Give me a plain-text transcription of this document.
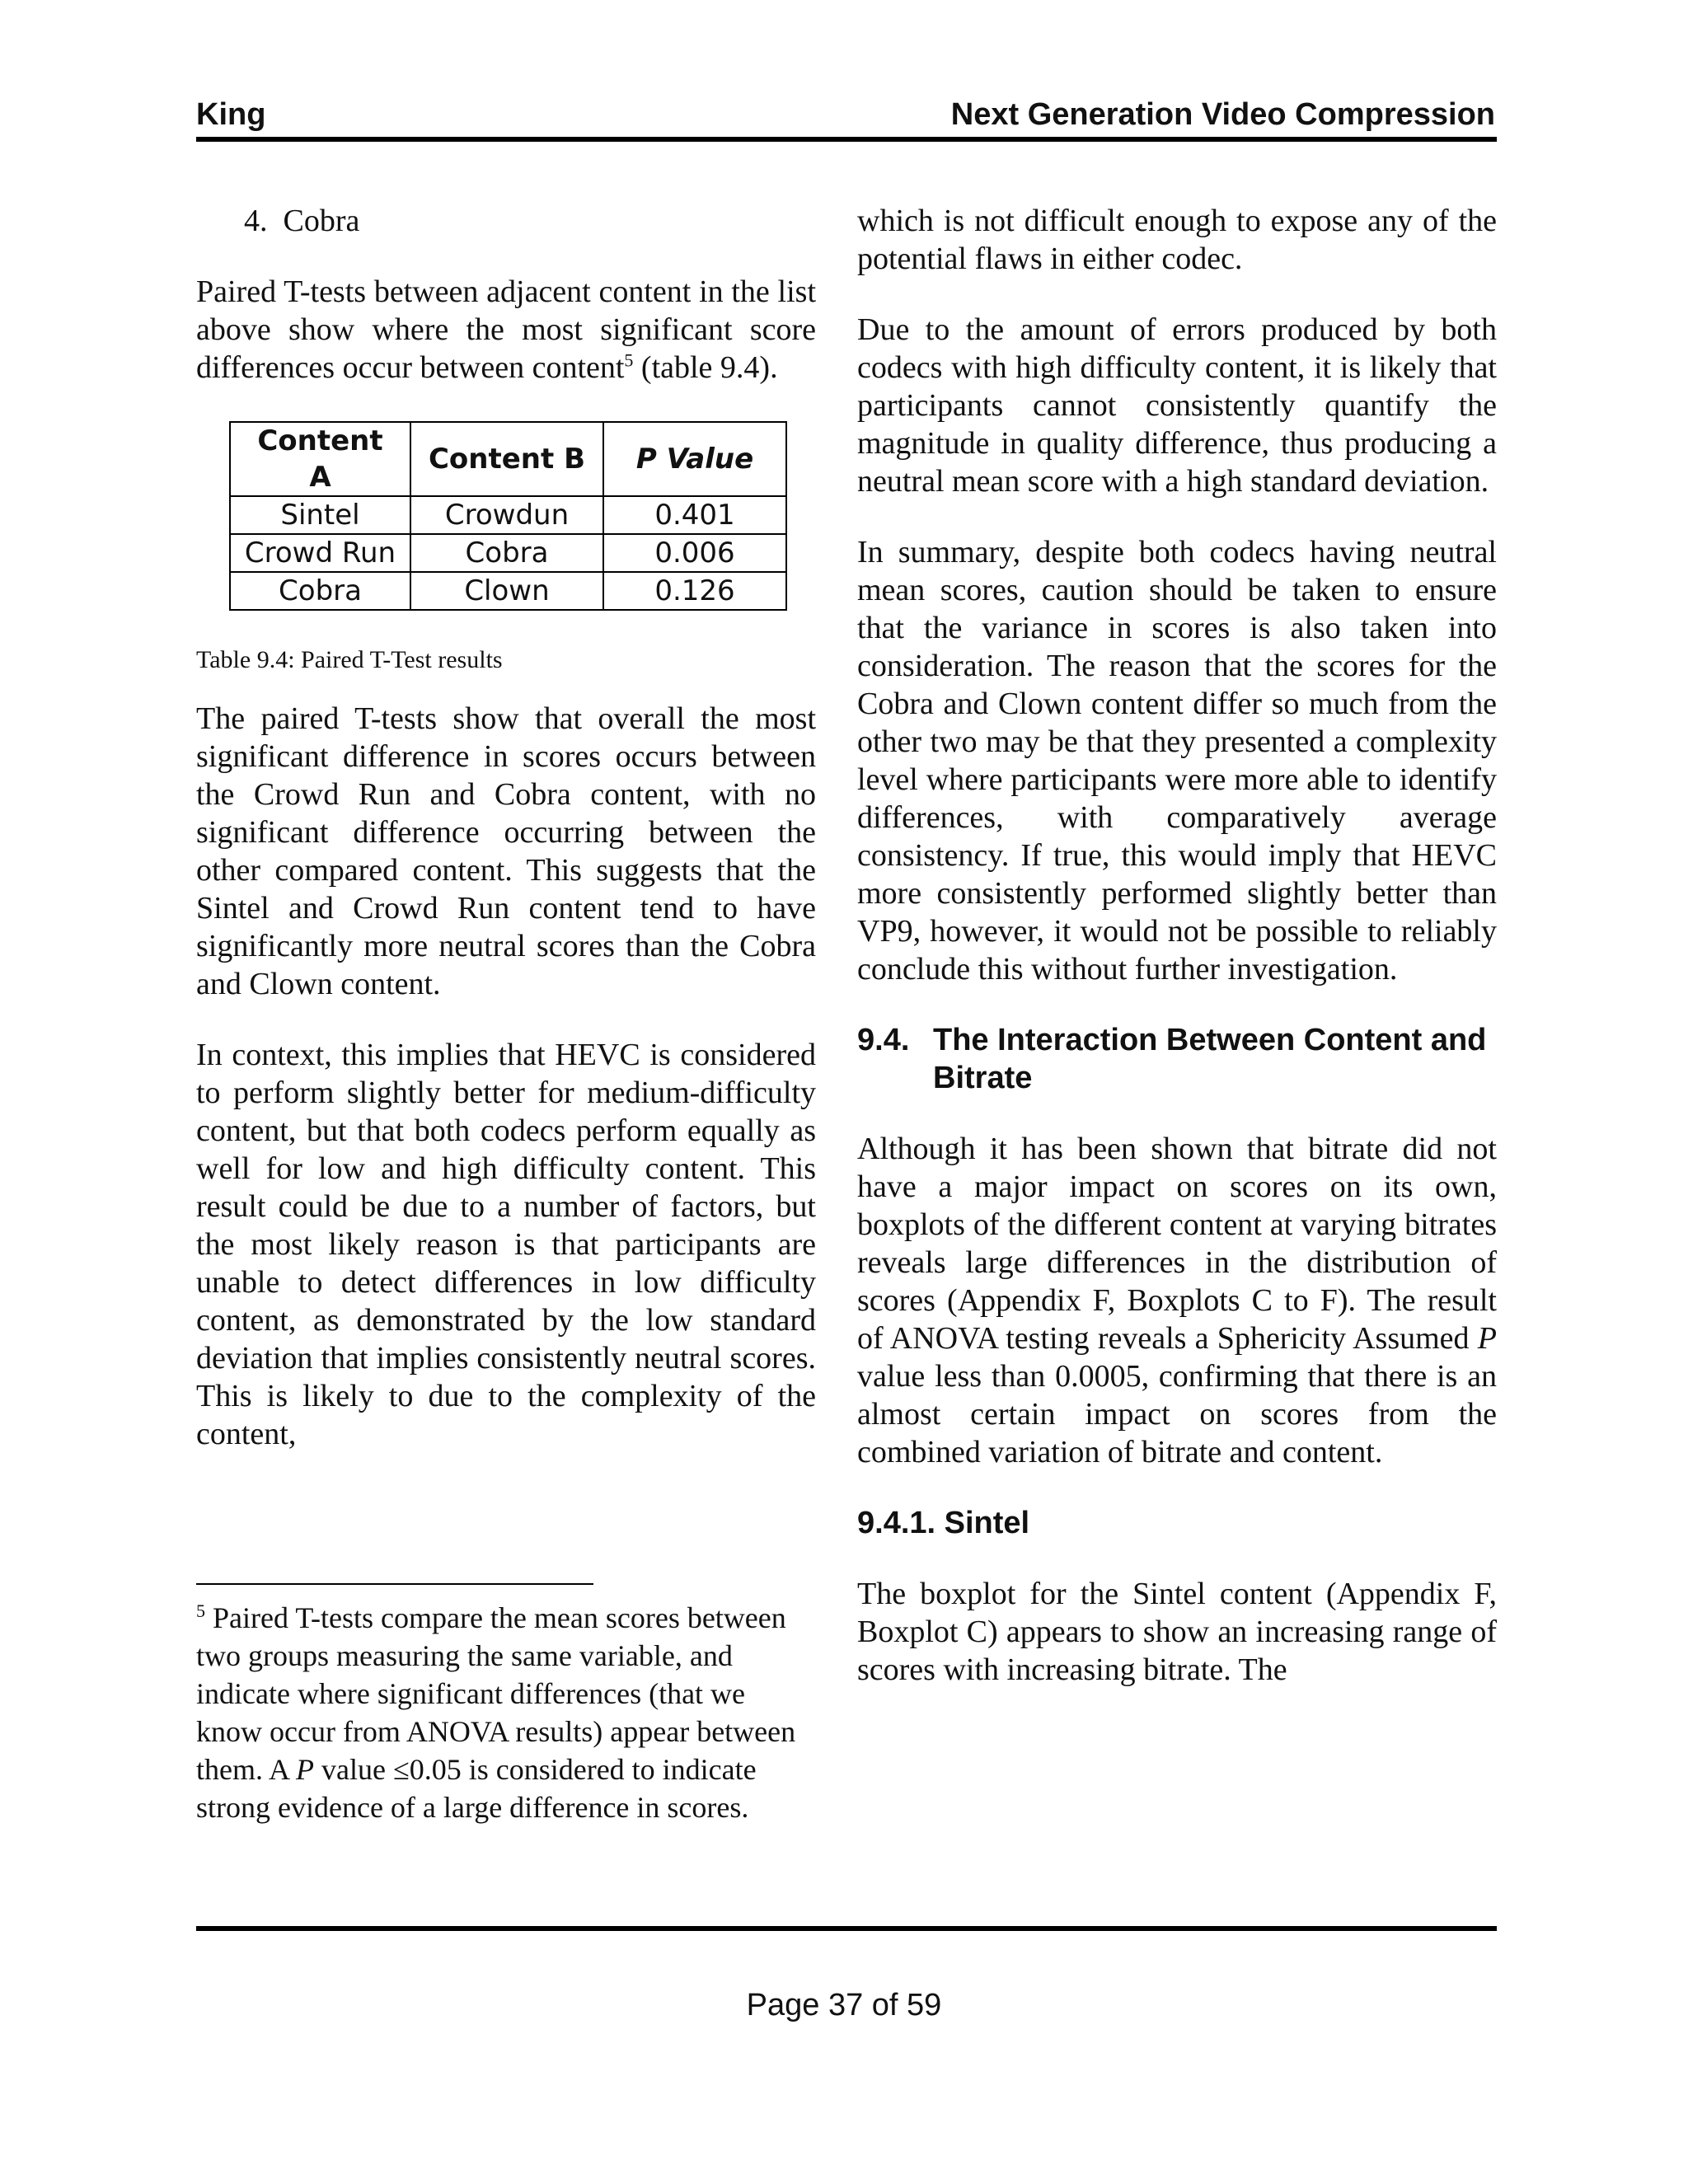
King	Next Generation Video Compression
4. Cobra

Paired T-tests between adjacent content in the list above show where the most significant score differences occur between content$^5$ (table 9.4).

Content A	Content B	P Value
Sintel	Crowdun	0.401
Crowd Run	Cobra	0.006
Cobra	Clown	0.126
Table 9.4: Paired T-Test results

The paired T-tests show that overall the most significant difference in scores occurs between the Crowd Run and Cobra content, with no significant difference occurring between the other compared content. This suggests that the Sintel and Crowd Run content tend to have significantly more neutral scores than the Cobra and Clown content.

In context, this implies that HEVC is considered to perform slightly better for medium-difficulty content, but that both codecs perform equally as well for low and high difficulty content. This result could be due to a number of factors, but the most likely reason is that participants are unable to detect differences in low difficulty content, as demonstrated by the low standard deviation that implies consistently neutral scores. This is likely to due to the complexity of the content,

$^5$ Paired T-tests compare the mean scores between two groups measuring the same variable, and indicate where significant differences (that we know occur from ANOVA results) appear between them. A P value ≤0.05 is considered to indicate strong evidence of a large difference in scores.

which is not difficult enough to expose any of the potential flaws in either codec.

Due to the amount of errors produced by both codecs with high difficulty content, it is likely that participants cannot consistently quantify the magnitude in quality difference, thus producing a neutral mean score with a high standard deviation.

In summary, despite both codecs having neutral mean scores, caution should be taken to ensure that the variance in scores is also taken into consideration. The reason that the scores for the Cobra and Clown content differ so much from the other two may be that they presented a complexity level where participants were more able to identify differences, with comparatively average consistency. If true, this would imply that HEVC more consistently performed slightly better than VP9, however, it would not be possible to reliably conclude this without further investigation.

9.4. The Interaction Between Content and Bitrate

Although it has been shown that bitrate did not have a major impact on scores on its own, boxplots of the different content at varying bitrates reveals large differences in the distribution of scores (Appendix F, Boxplots C to F). The result of ANOVA testing reveals a Sphericity Assumed P value less than 0.0005, confirming that there is an almost certain impact on scores from the combined variation of bitrate and content.

9.4.1. Sintel

The boxplot for the Sintel content (Appendix F, Boxplot C) appears to show an increasing range of scores with increasing bitrate. The

Page 37 of 59
